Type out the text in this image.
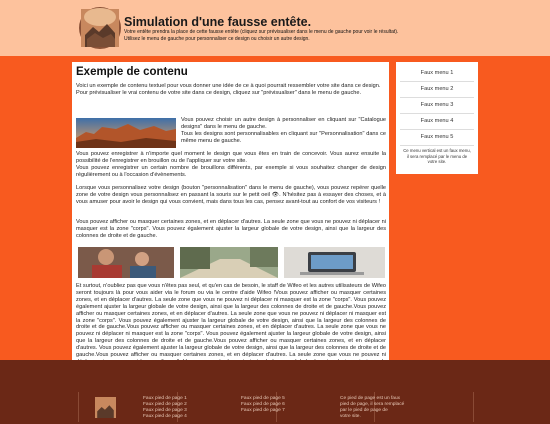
Simulation d'une fausse entête.
Votre entête prendra la place de cette fausse entête (cliquez sur prévisualiser dans le menu de gauche pour voir le résultat).
Utilisez le menu de gauche pour personnaliser ce design ou choisir un autre design.
Exemple de contenu

Voici un exemple de contenu textuel pour vous donner une idée de ce à quoi pourrait ressembler votre site dans ce design.
Pour prévisualiser le vrai contenu de votre site dans ce design, cliquez sur "prévisualiser" dans le menu de gauche.

Vous pouvez choisir un autre design à personnaliser en cliquant sur "Catalogue designs" dans le menu de gauche.
Tous les designs sont personnalisables en cliquant sur "Personnalisation" dans ce même menu de gauche.

Vous pouvez enregistrer à n'importe quel moment le design que vous êtes en train de concevoir. Vous aurez ensuite la possibilité de l'enregistrer en brouillon ou de l'appliquer sur votre site.
Vous pouvez enregistrer un certain nombre de brouillons différents, par exemple si vous souhaitez changer de design régulièrement ou à l'occasion d'évènements.

Lorsque vous personnalisez votre design (bouton "personnalisation" dans le menu de gauche), vous pouvez repérer quelle zone de votre design vous personnalisez en passant la souris sur le petit oeil 👁. N'hésitez pas à essayer des choses, et à vous amuser pour avoir le design qui vous convient, mais dans tous les cas, pensez avant-tout au confort de vos visiteurs !

Vous pouvez afficher ou masquer certaines zones, et en déplacer d'autres. La seule zone que vous ne pouvez ni déplacer ni masquer est la zone "corps". Vous pouvez également ajuster la largeur globale de votre design, ainsi que la largeur des colonnes de droite et de gauche.

Et surtout, n'oubliez pas que vous n'êtes pas seul, et qu'en cas de besoin, le staff de Wifeo et les autres utilisateurs de Wifeo seront toujours là pour vous aider via le forum ou via le centre d'aide Wifeo !Vous pouvez afficher ou masquer certaines zones, et en déplacer d'autres. La seule zone que vous ne pouvez ni déplacer ni masquer est la zone "corps". Vous pouvez également ajuster la largeur globale de votre design, ainsi que la largeur des colonnes de droite et de gauche.Vous pouvez afficher ou masquer certaines zones, et en déplacer d'autres. La seule zone que vous ne pouvez ni déplacer ni masquer est la zone "corps". Vous pouvez également ajuster la largeur globale de votre design, ainsi que la largeur des colonnes de droite et de gauche.Vous pouvez afficher ou masquer certaines zones, et en déplacer d'autres. La seule zone que vous ne pouvez ni déplacer ni masquer est la zone "corps". Vous pouvez également ajuster la largeur globale de votre design, ainsi que la largeur des colonnes de droite et de gauche.Vous pouvez afficher ou masquer certaines zones, et en déplacer d'autres. Vous pouvez également ajuster la largeur globale de votre design, ainsi que la largeur des colonnes de droite et de gauche.Vous pouvez afficher ou masquer certaines zones, et en déplacer d'autres. La seule zone que vous ne pouvez ni

Faux menu 1
Faux menu 2
Faux menu 3
Faux menu 4
Faux menu 5
Ce menu vertical est un faux menu, il sera remplacé par le menu de votre site.

Faux pied de page 1
Faux pied de page 2
Faux pied de page 3
Faux pied de page 4

Faux pied de page 5
Faux pied de page 6
Faux pied de page 7

Ce pied de page est un faux
pied de page, il sera remplacé
par le pied de page de
votre site.
